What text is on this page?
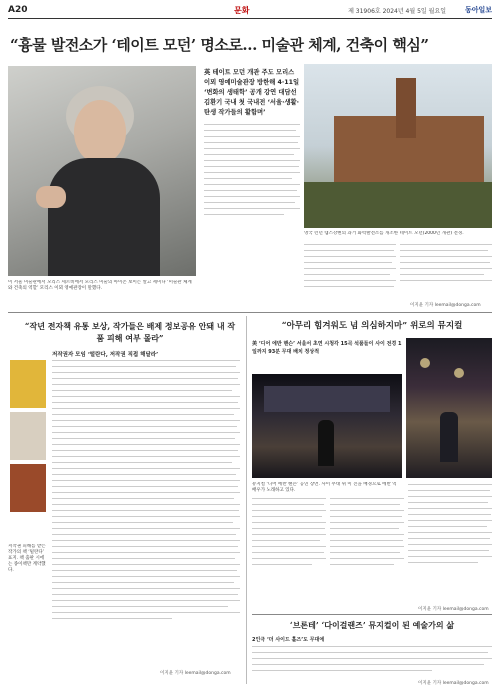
A20	문화	제 31906호 2024년 4월 5일 월요일	동아일보
“흉물 발전소가 ‘테이트 모던’ 명소로… 미술관 체계, 건축이 핵심”
이 서울 미술관에서 모리스 세르비에서 모리스 미술의 아이콘 보이는 알고 세미나 ‘미술관 체계와 건축의 역할’ 모리스 이뫼 영예관장이 말했다.
英 테이트 모던 개관 주도 모리스 이뫼 영예미술관장 방한해 4·11일 ‘변화의 생태학’ 공개 강연 대담선 김환기 국내 첫 국내전 ‘서울·생활·탄생 작가들의 활함며’
영국 런던 템스강변의 과거 화력발전소를 개조한 테이트 모던(2000년 개관) 전경.
이지윤 기자 leemail@donga.com
“작년 전자책 유통 보상, 작가들은 배제 정보공유 안돼 내 작품 피해 여부 몰라”
저작권자 모임 ‘털란다, 저작권 직접 해달라’
저작권 피해를 받은 작가의 책 ‘털란다’ 표지. 책 출판 시에는 종이책만 계약했다.
이지윤 기자 leemail@donga.com
“아무리 힘겨워도 넘 의심하지마” 위로의 뮤지컬
美 ‘디어 에반 핸슨’ 서울서 초연 시청각 15곡 석품들이 사이 전경 1일까지 93분 무대 배치 정상적
뮤지컬 ‘디어 에반 핸슨’ 공연 장면. 사이 무대 위 이 진을 배경으로 에반 역 배우가 노래하고 있다.
이지윤 기자 leemail@donga.com
‘브론테’ ‘다이걸랜즈’ 뮤지컬이 된 예술가의 삶
2인극 ‘더 사이드 홀즈’도 무대에
이지윤 기자 leemail@donga.com
